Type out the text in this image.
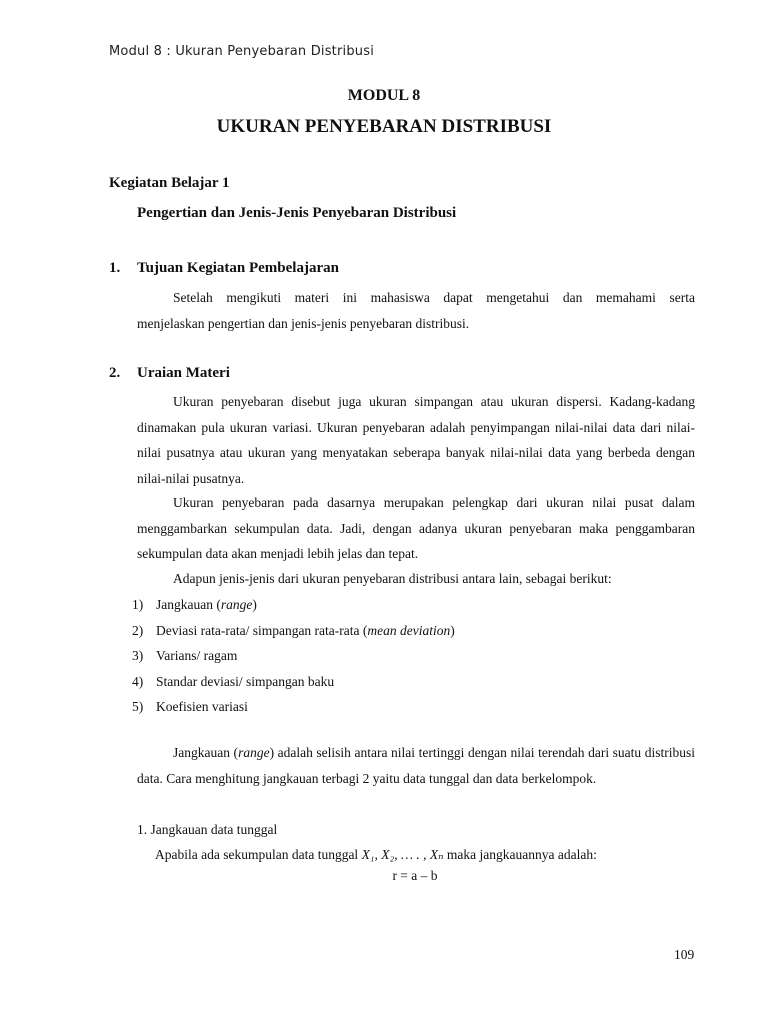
Modul 8 : Ukuran Penyebaran Distribusi
MODUL 8
UKURAN PENYEBARAN DISTRIBUSI
Kegiatan Belajar 1
Pengertian dan Jenis-Jenis Penyebaran Distribusi
1. Tujuan Kegiatan Pembelajaran
Setelah mengikuti materi ini mahasiswa dapat mengetahui dan memahami serta
menjelaskan pengertian dan jenis-jenis penyebaran distribusi.
2. Uraian Materi
Ukuran penyebaran disebut juga ukuran simpangan atau ukuran dispersi. Kadang-kadang dinamakan pula ukuran variasi. Ukuran penyebaran adalah penyimpangan nilai-nilai data dari nilai-nilai pusatnya atau ukuran yang menyatakan seberapa banyak nilai-nilai data yang berbeda dengan nilai-nilai pusatnya.
Ukuran penyebaran pada dasarnya merupakan pelengkap dari ukuran nilai pusat dalam menggambarkan sekumpulan data. Jadi, dengan adanya ukuran penyebaran maka penggambaran sekumpulan data akan menjadi lebih jelas dan tepat.
Adapun jenis-jenis dari ukuran penyebaran distribusi antara lain, sebagai berikut:
1) Jangkauan (range)
2) Deviasi rata-rata/ simpangan rata-rata (mean deviation)
3) Varians/ ragam
4) Standar deviasi/ simpangan baku
5) Koefisien variasi
Jangkauan (range) adalah selisih antara nilai tertinggi dengan nilai terendah dari suatu distribusi data. Cara menghitung jangkauan terbagi 2 yaitu data tunggal dan data berkelompok.
1. Jangkauan data tunggal
Apabila ada sekumpulan data tunggal X₁, X₂, … . , Xₙ maka jangkauannya adalah:
r = a – b
109
